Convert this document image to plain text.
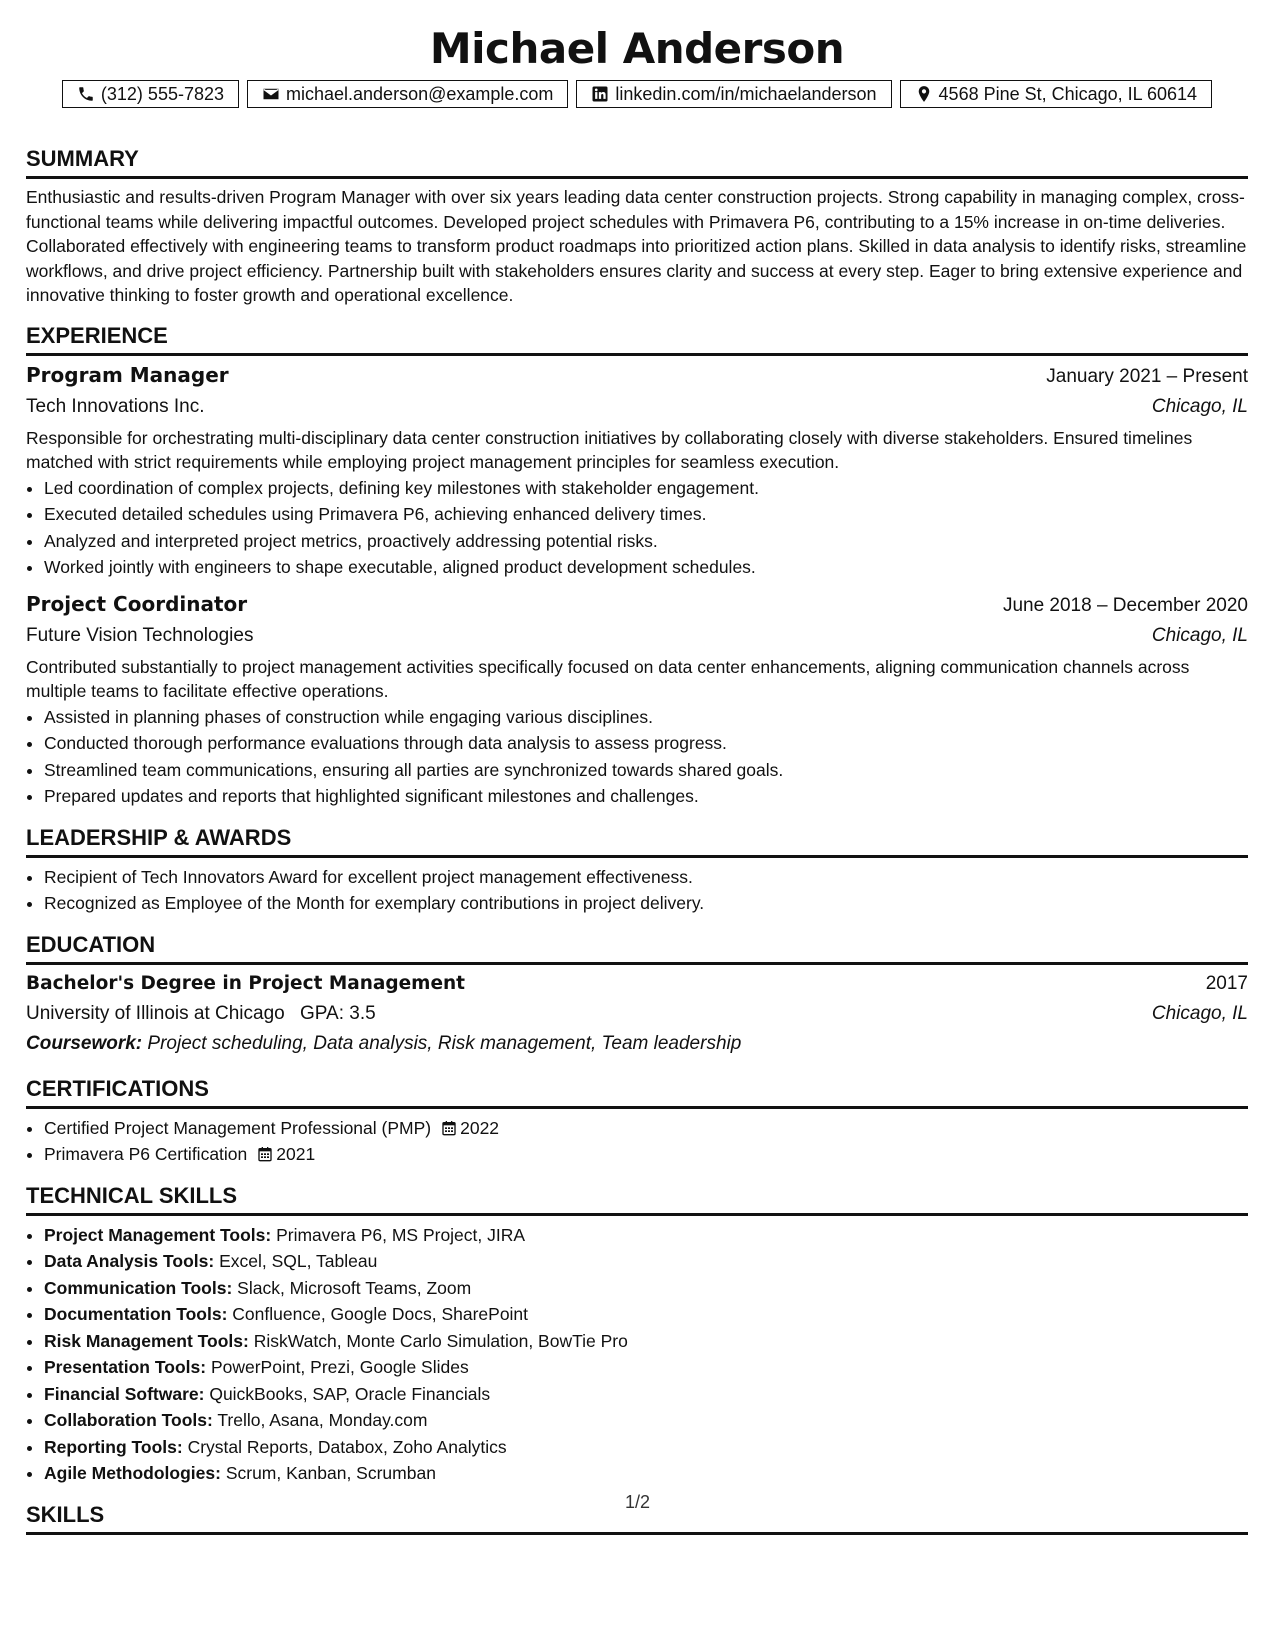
Michael Anderson
(312) 555-7823	michael.anderson@example.com	linkedin.com/in/michaelanderson	4568 Pine St, Chicago, IL 60614
SUMMARY

Enthusiastic and results-driven Program Manager with over six years leading data center construction projects. Strong capability in managing complex, cross-functional teams while delivering impactful outcomes. Developed project schedules with Primavera P6, contributing to a 15% increase in on-time deliveries. Collaborated effectively with engineering teams to transform product roadmaps into prioritized action plans. Skilled in data analysis to identify risks, streamline workflows, and drive project efficiency. Partnership built with stakeholders ensures clarity and success at every step. Eager to bring extensive experience and innovative thinking to foster growth and operational excellence.

EXPERIENCE
Program Manager	January 2021 – Present
Tech Innovations Inc.	Chicago, IL

Responsible for orchestrating multi-disciplinary data center construction initiatives by collaborating closely with diverse stakeholders. Ensured timelines matched with strict requirements while employing project management principles for seamless execution.

• Led coordination of complex projects, defining key milestones with stakeholder engagement.
• Executed detailed schedules using Primavera P6, achieving enhanced delivery times.
• Analyzed and interpreted project metrics, proactively addressing potential risks.
• Worked jointly with engineers to shape executable, aligned product development schedules.
Project Coordinator	June 2018 – December 2020
Future Vision Technologies	Chicago, IL

Contributed substantially to project management activities specifically focused on data center enhancements, aligning communication channels across multiple teams to facilitate effective operations.

• Assisted in planning phases of construction while engaging various disciplines.
• Conducted thorough performance evaluations through data analysis to assess progress.
• Streamlined team communications, ensuring all parties are synchronized towards shared goals.
• Prepared updates and reports that highlighted significant milestones and challenges.
LEADERSHIP & AWARDS
• Recipient of Tech Innovators Award for excellent project management effectiveness.
• Recognized as Employee of the Month for exemplary contributions in project delivery.
EDUCATION
Bachelor's Degree in Project Management	2017
University of Illinois at Chicago GPA: 3.5	Chicago, IL
Coursework: Project scheduling, Data analysis, Risk management, Team leadership
CERTIFICATIONS
• Certified Project Management Professional (PMP) 2022
• Primavera P6 Certification 2021
TECHNICAL SKILLS
• Project Management Tools: Primavera P6, MS Project, JIRA
• Data Analysis Tools: Excel, SQL, Tableau
• Communication Tools: Slack, Microsoft Teams, Zoom
• Documentation Tools: Confluence, Google Docs, SharePoint
• Risk Management Tools: RiskWatch, Monte Carlo Simulation, BowTie Pro
• Presentation Tools: PowerPoint, Prezi, Google Slides
• Financial Software: QuickBooks, SAP, Oracle Financials
• Collaboration Tools: Trello, Asana, Monday.com
• Reporting Tools: Crystal Reports, Databox, Zoho Analytics
• Agile Methodologies: Scrum, Kanban, Scrumban
SKILLS	1/2
